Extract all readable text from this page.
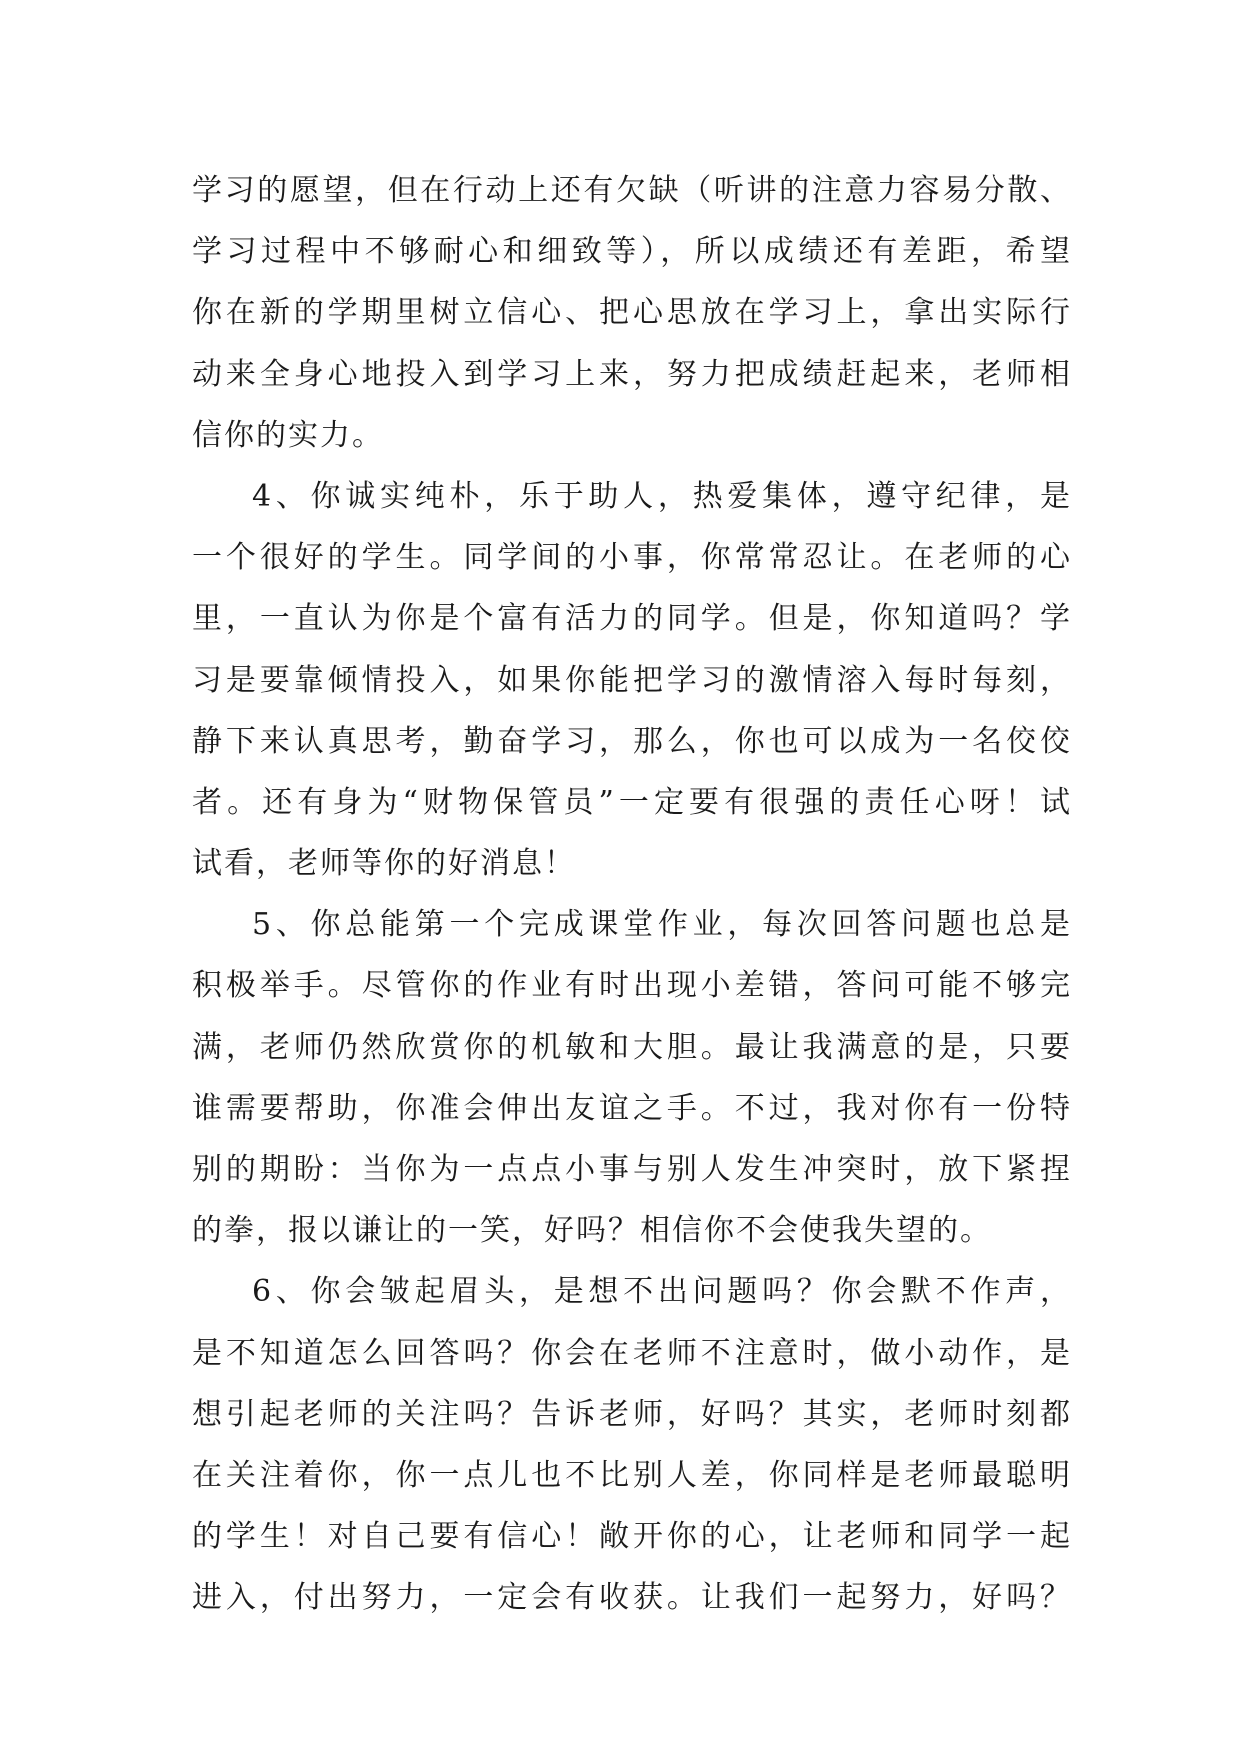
学习的愿望，但在行动上还有欠缺（听讲的注意力容易分散、
学习过程中不够耐心和细致等），所以成绩还有差距，希望
你在新的学期里树立信心、把心思放在学习上，拿出实际行
动来全身心地投入到学习上来，努力把成绩赶起来，老师相
信你的实力。
4、你诚实纯朴，乐于助人，热爱集体，遵守纪律，是
一个很好的学生。同学间的小事，你常常忍让。在老师的心
里，一直认为你是个富有活力的同学。但是，你知道吗？学
习是要靠倾情投入，如果你能把学习的激情溶入每时每刻，
静下来认真思考，勤奋学习，那么，你也可以成为一名佼佼
者。还有身为“财物保管员”一定要有很强的责任心呀！试
试看，老师等你的好消息！
5、你总能第一个完成课堂作业，每次回答问题也总是
积极举手。尽管你的作业有时出现小差错，答问可能不够完
满，老师仍然欣赏你的机敏和大胆。最让我满意的是，只要
谁需要帮助，你准会伸出友谊之手。不过，我对你有一份特
别的期盼：当你为一点点小事与别人发生冲突时，放下紧捏
的拳，报以谦让的一笑，好吗？相信你不会使我失望的。
6、你会皱起眉头，是想不出问题吗？你会默不作声，
是不知道怎么回答吗？你会在老师不注意时，做小动作，是
想引起老师的关注吗？告诉老师，好吗？其实，老师时刻都
在关注着你，你一点儿也不比别人差，你同样是老师最聪明
的学生！对自己要有信心！敞开你的心，让老师和同学一起
进入，付出努力，一定会有收获。让我们一起努力，好吗？
